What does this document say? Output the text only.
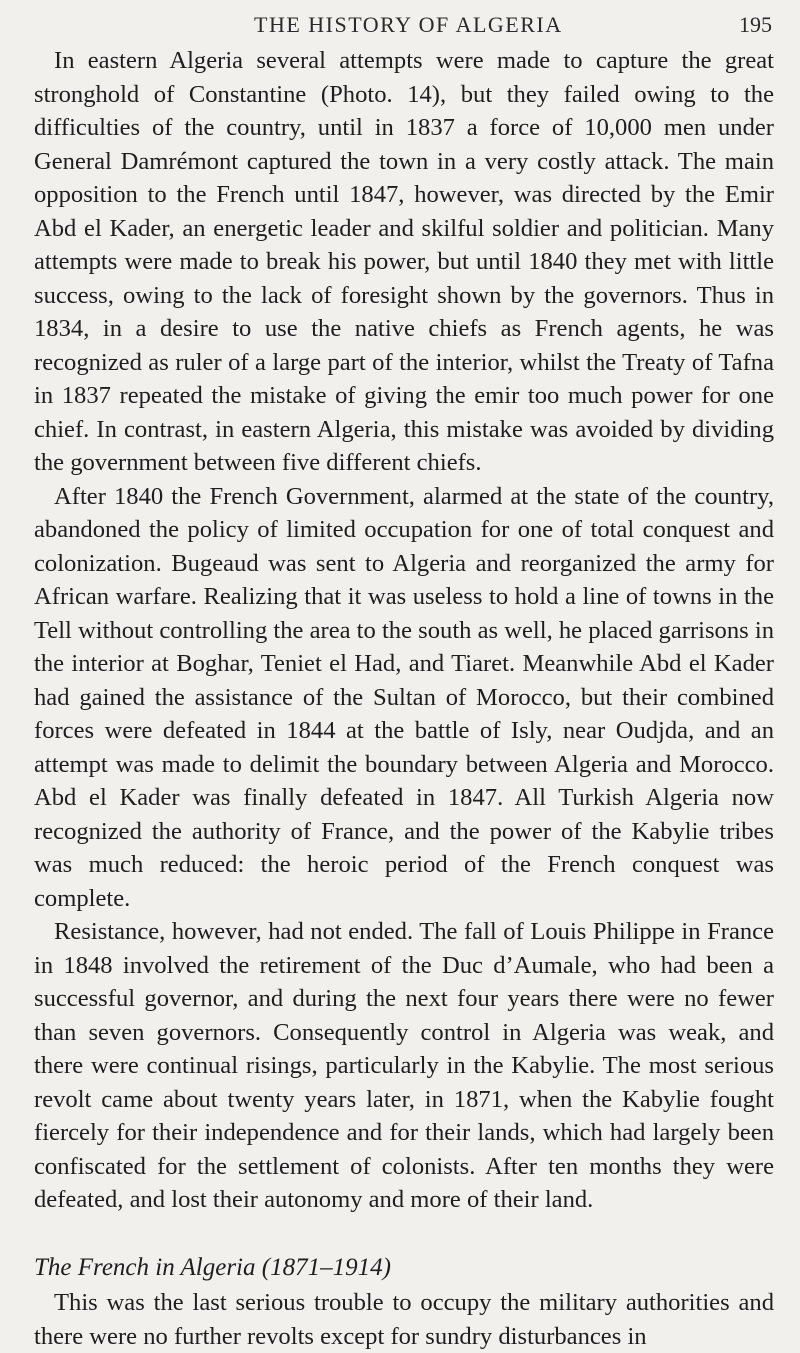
THE HISTORY OF ALGERIA	195

In eastern Algeria several attempts were made to capture the great stronghold of Constantine (Photo. 14), but they failed owing to the difficulties of the country, until in 1837 a force of 10,000 men under General Damrémont captured the town in a very costly attack. The main opposition to the French until 1847, however, was directed by the Emir Abd el Kader, an energetic leader and skilful soldier and politician. Many attempts were made to break his power, but until 1840 they met with little success, owing to the lack of foresight shown by the governors. Thus in 1834, in a desire to use the native chiefs as French agents, he was recognized as ruler of a large part of the interior, whilst the Treaty of Tafna in 1837 repeated the mistake of giving the emir too much power for one chief. In contrast, in eastern Algeria, this mistake was avoided by dividing the government between five different chiefs.

After 1840 the French Government, alarmed at the state of the country, abandoned the policy of limited occupation for one of total conquest and colonization. Bugeaud was sent to Algeria and reorganized the army for African warfare. Realizing that it was useless to hold a line of towns in the Tell without controlling the area to the south as well, he placed garrisons in the interior at Boghar, Teniet el Had, and Tiaret. Meanwhile Abd el Kader had gained the assistance of the Sultan of Morocco, but their combined forces were defeated in 1844 at the battle of Isly, near Oudjda, and an attempt was made to delimit the boundary between Algeria and Morocco. Abd el Kader was finally defeated in 1847. All Turkish Algeria now recognized the authority of France, and the power of the Kabylie tribes was much reduced: the heroic period of the French conquest was complete.

Resistance, however, had not ended. The fall of Louis Philippe in France in 1848 involved the retirement of the Duc d’Aumale, who had been a successful governor, and during the next four years there were no fewer than seven governors. Consequently control in Algeria was weak, and there were continual risings, particularly in the Kabylie. The most serious revolt came about twenty years later, in 1871, when the Kabylie fought fiercely for their independence and for their lands, which had largely been confiscated for the settlement of colonists. After ten months they were defeated, and lost their autonomy and more of their land.

The French in Algeria (1871–1914)

This was the last serious trouble to occupy the military authorities and there were no further revolts except for sundry disturbances in
